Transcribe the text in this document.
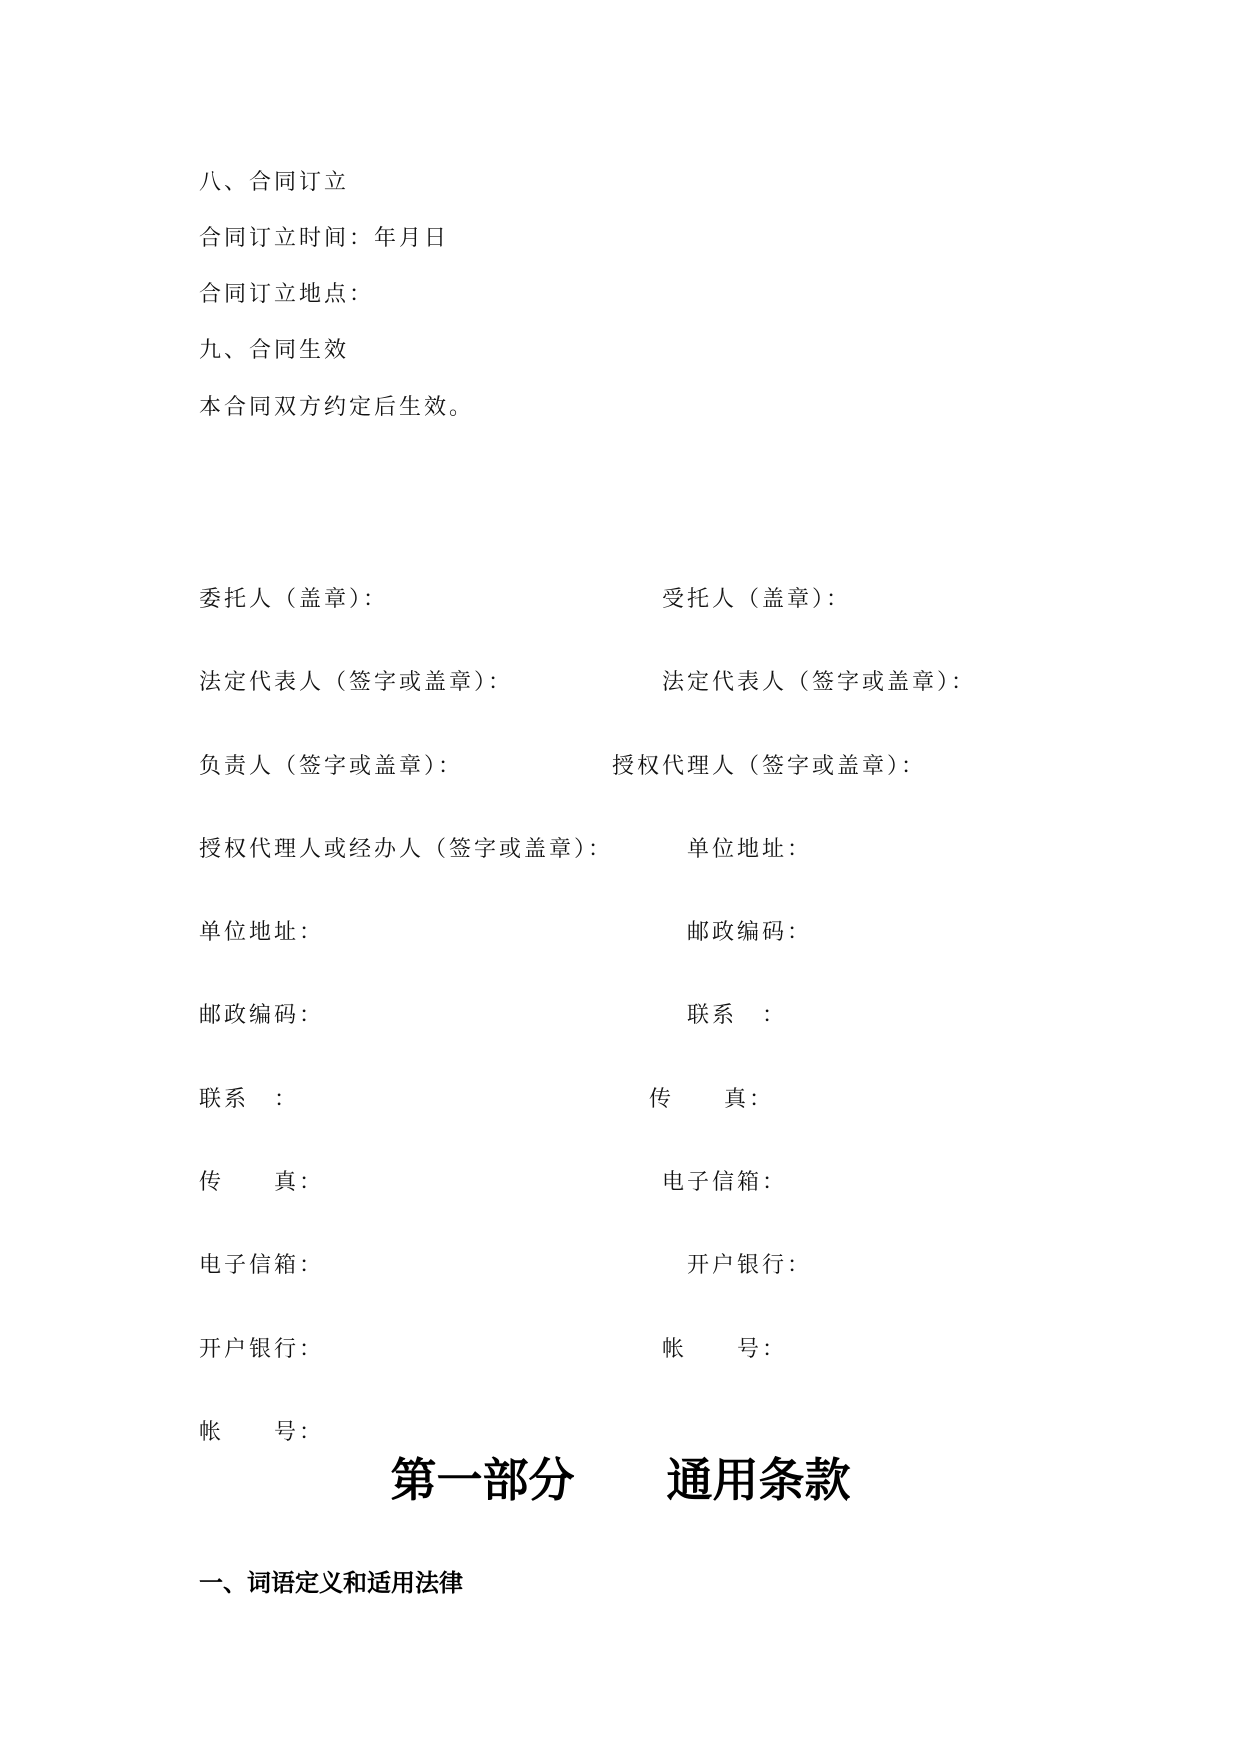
八、合同订立
合同订立时间：年月日
合同订立地点：
九、合同生效
本合同双方约定后生效。
委托人（盖章）：
法定代表人（签字或盖章）：
负责人（签字或盖章）：
授权代理人或经办人（签字或盖章）：
单位地址：
邮政编码：
联系　：
传　　真：
电子信箱：
开户银行：
帐　　号：
受托人（盖章）：
法定代表人（签字或盖章）：
授权代理人（签字或盖章）：
单位地址：
邮政编码：
联系　：
传　　真：
电子信箱：
开户银行：
帐　　号：
第一部分　　通用条款
一、词语定义和适用法律
